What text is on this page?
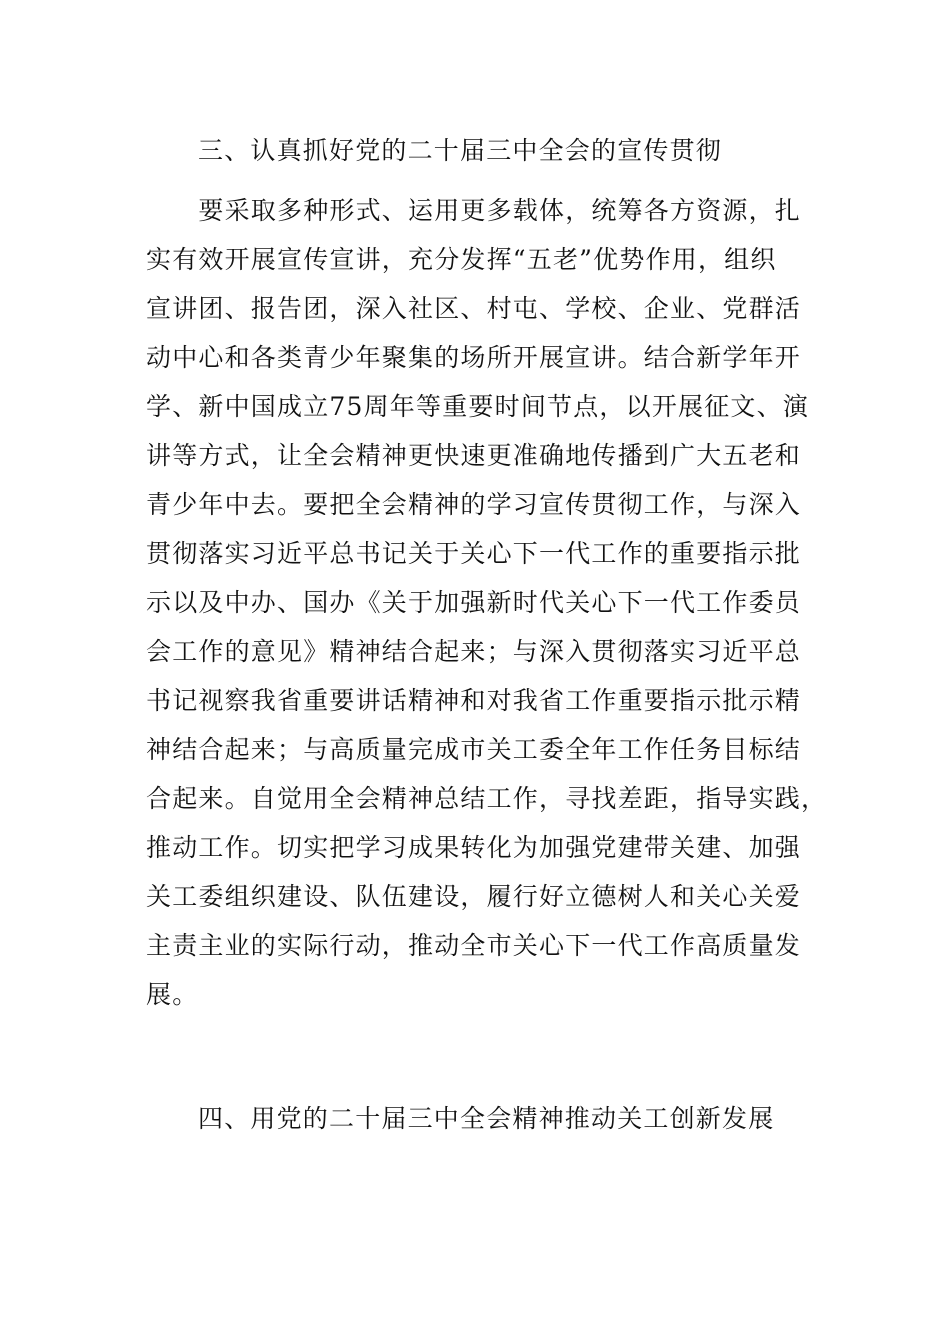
三、认真抓好党的二十届三中全会的宣传贯彻
　　要采取多种形式、运用更多载体，统筹各方资源，扎
实有效开展宣传宣讲，充分发挥“五老”优势作用，组织
宣讲团、报告团，深入社区、村屯、学校、企业、党群活
动中心和各类青少年聚集的场所开展宣讲。结合新学年开
学、新中国成立75周年等重要时间节点，以开展征文、演
讲等方式，让全会精神更快速更准确地传播到广大五老和
青少年中去。要把全会精神的学习宣传贯彻工作，与深入
贯彻落实习近平总书记关于关心下一代工作的重要指示批
示以及中办、国办《关于加强新时代关心下一代工作委员
会工作的意见》精神结合起来；与深入贯彻落实习近平总
书记视察我省重要讲话精神和对我省工作重要指示批示精
神结合起来；与高质量完成市关工委全年工作任务目标结
合起来。自觉用全会精神总结工作，寻找差距，指导实践，
推动工作。切实把学习成果转化为加强党建带关建、加强
关工委组织建设、队伍建设，履行好立德树人和关心关爱
主责主业的实际行动，推动全市关心下一代工作高质量发
展。
四、用党的二十届三中全会精神推动关工创新发展
